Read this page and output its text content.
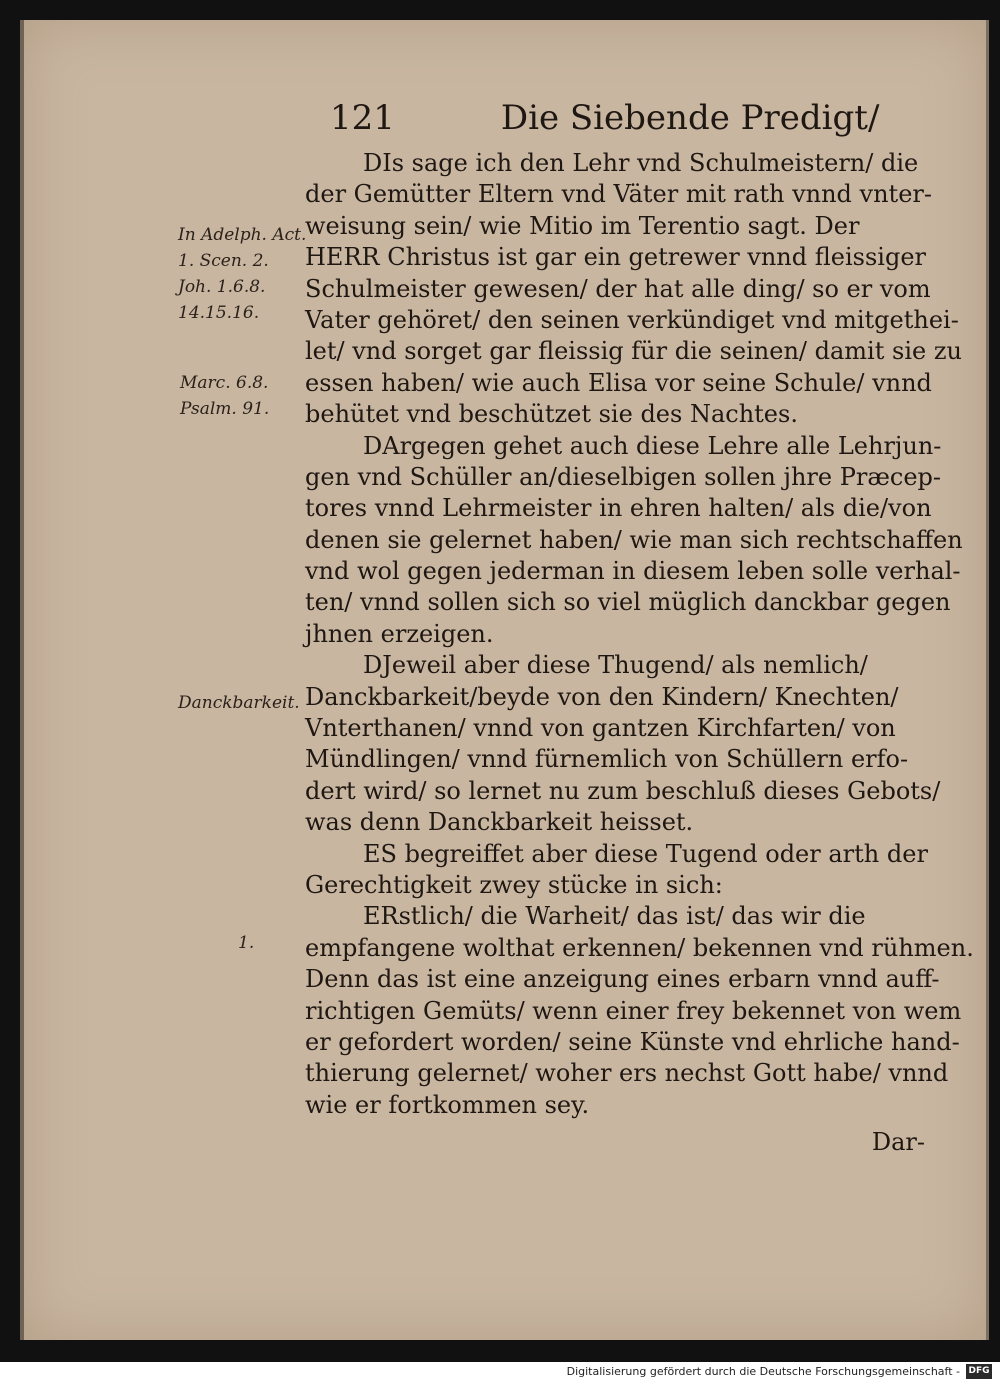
121	Die Siebende Predigt/
In Adelph. Act.
1. Scen. 2.
Joh. 1.6.8.
14.15.16.
Marc. 6.8.
Psalm. 91.
Danckbarkeit.
1.
DIs sage ich den Lehr vnd Schulmeistern/ die
der Gemütter Eltern vnd Väter mit rath vnnd vnter-
weisung sein/ wie Mitio im Terentio sagt. Der
HERR Christus ist gar ein getrewer vnnd fleissiger
Schulmeister gewesen/ der hat alle ding/ so er vom
Vater gehöret/ den seinen verkündiget vnd mitgethei-
let/ vnd sorget gar fleissig für die seinen/ damit sie zu
essen haben/ wie auch Elisa vor seine Schule/ vnnd
behütet vnd beschützet sie des Nachtes.
DArgegen gehet auch diese Lehre alle Lehrjun-
gen vnd Schüller an/dieselbigen sollen jhre Præcep-
tores vnnd Lehrmeister in ehren halten/ als die/von
denen sie gelernet haben/ wie man sich rechtschaffen
vnd wol gegen jederman in diesem leben solle verhal-
ten/ vnnd sollen sich so viel müglich danckbar gegen
jhnen erzeigen.
DJeweil aber diese Thugend/ als nemlich/
Danckbarkeit/beyde von den Kindern/ Knechten/
Vnterthanen/ vnnd von gantzen Kirchfarten/ von
Mündlingen/ vnnd fürnemlich von Schüllern erfo-
dert wird/ so lernet nu zum beschluß dieses Gebots/
was denn Danckbarkeit heisset.
ES begreiffet aber diese Tugend oder arth der
Gerechtigkeit zwey stücke in sich:
ERstlich/ die Warheit/ das ist/ das wir die
empfangene wolthat erkennen/ bekennen vnd rühmen.
Denn das ist eine anzeigung eines erbarn vnnd auff-
richtigen Gemüts/ wenn einer frey bekennet von wem
er gefordert worden/ seine Künste vnd ehrliche hand-
thierung gelernet/ woher ers nechst Gott habe/ vnnd
wie er fortkommen sey.
Dar-
Digitalisierung gefördert durch die Deutsche Forschungsgemeinschaft - DFG
